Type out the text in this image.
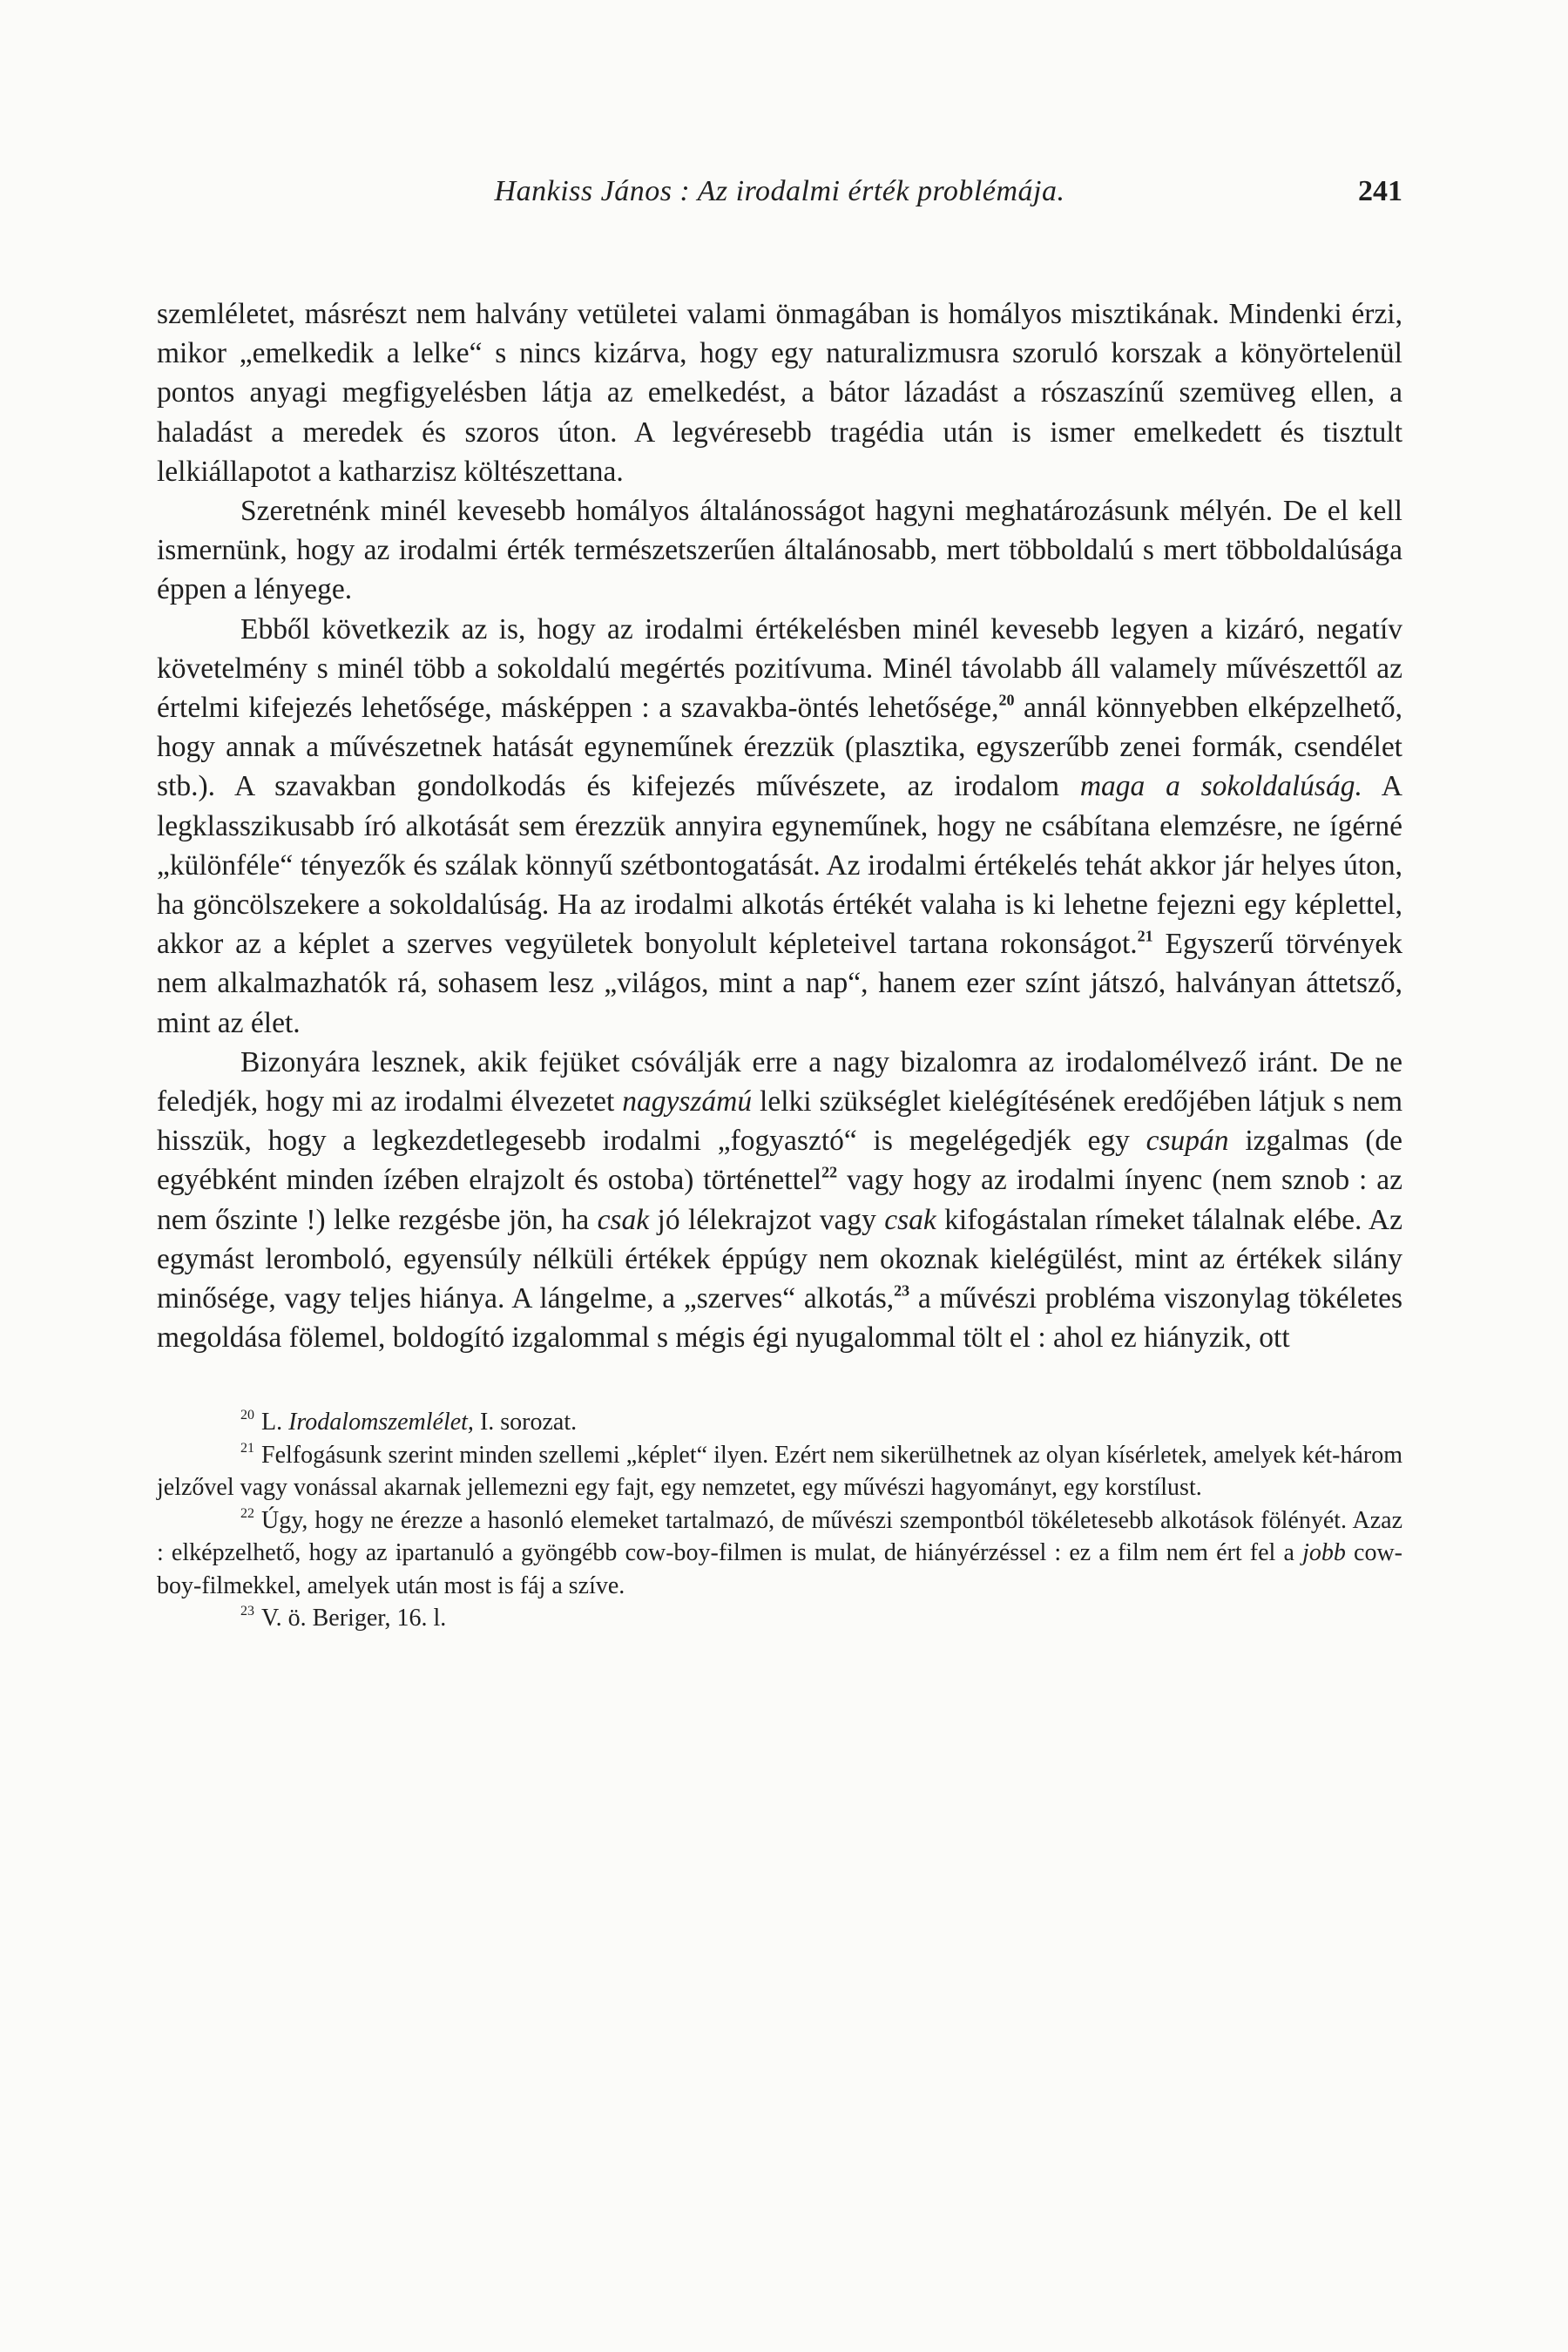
Hankiss János : Az irodalmi érték problémája.	241

szemléletet, másrészt nem halvány vetületei valami önmagában is homályos misztikának. Mindenki érzi, mikor „emelkedik a lelke“ s nincs kizárva, hogy egy naturalizmusra szoruló korszak a könyörtelenül pontos anyagi megfigyelésben látja az emelkedést, a bátor lázadást a rószaszínű szemüveg ellen, a haladást a meredek és szoros úton. A legvéresebb tragédia után is ismer emelkedett és tisztult lelkiállapotot a katharzisz költészettana.

Szeretnénk minél kevesebb homályos általánosságot hagyni meghatározásunk mélyén. De el kell ismernünk, hogy az irodalmi érték természetszerűen általánosabb, mert többoldalú s mert többoldalúsága éppen a lényege.

Ebből következik az is, hogy az irodalmi értékelésben minél kevesebb legyen a kizáró, negatív követelmény s minél több a sokoldalú megértés pozitívuma. Minél távolabb áll valamely művészettől az értelmi kifejezés lehetősége, másképpen : a szavakba-öntés lehetősége,$^{20}$ annál könnyebben elképzelhető, hogy annak a művészetnek hatását egyneműnek érezzük (plasztika, egyszerűbb zenei formák, csendélet stb.). A szavakban gondolkodás és kifejezés művészete, az irodalom maga a sokoldalúság. A legklasszikusabb író alkotását sem érezzük annyira egyneműnek, hogy ne csábítana elemzésre, ne ígérné „különféle“ tényezők és szálak könnyű szétbontogatását. Az irodalmi értékelés tehát akkor jár helyes úton, ha göncölszekere a sokoldalúság. Ha az irodalmi alkotás értékét valaha is ki lehetne fejezni egy képlettel, akkor az a képlet a szerves vegyületek bonyolult képleteivel tartana rokonságot.$^{21}$ Egyszerű törvények nem alkalmazhatók rá, sohasem lesz „világos, mint a nap“, hanem ezer színt játszó, halványan áttetsző, mint az élet.

Bizonyára lesznek, akik fejüket csóválják erre a nagy bizalomra az irodalomélvező iránt. De ne feledjék, hogy mi az irodalmi élvezetet nagyszámú lelki szükséglet kielégítésének eredőjében látjuk s nem hisszük, hogy a legkezdetlegesebb irodalmi „fogyasztó“ is megelégedjék egy csupán izgalmas (de egyébként minden ízében elrajzolt és ostoba) történettel$^{22}$ vagy hogy az irodalmi ínyenc (nem sznob : az nem őszinte !) lelke rezgésbe jön, ha csak jó lélekrajzot vagy csak kifogástalan rímeket tálalnak elébe. Az egymást leromboló, egyensúly nélküli értékek éppúgy nem okoznak kielégülést, mint az értékek silány minősége, vagy teljes hiánya. A lángelme, a „szerves“ alkotás,$^{23}$ a művészi probléma viszonylag tökéletes megoldása fölemel, boldogító izgalommal s mégis égi nyugalommal tölt el : ahol ez hiányzik, ott

$^{20}$ L. Irodalomszemlélet, I. sorozat.

$^{21}$ Felfogásunk szerint minden szellemi „képlet“ ilyen. Ezért nem sikerülhetnek az olyan kísérletek, amelyek két-három jelzővel vagy vonással akarnak jellemezni egy fajt, egy nemzetet, egy művészi hagyományt, egy korstílust.

$^{22}$ Úgy, hogy ne érezze a hasonló elemeket tartalmazó, de művészi szempontból tökéletesebb alkotások fölényét. Azaz : elképzelhető, hogy az ipartanuló a gyöngébb cow-boy-filmen is mulat, de hiányérzéssel : ez a film nem ért fel a jobb cow-boy-filmekkel, amelyek után most is fáj a szíve.

$^{23}$ V. ö. Beriger, 16. l.
